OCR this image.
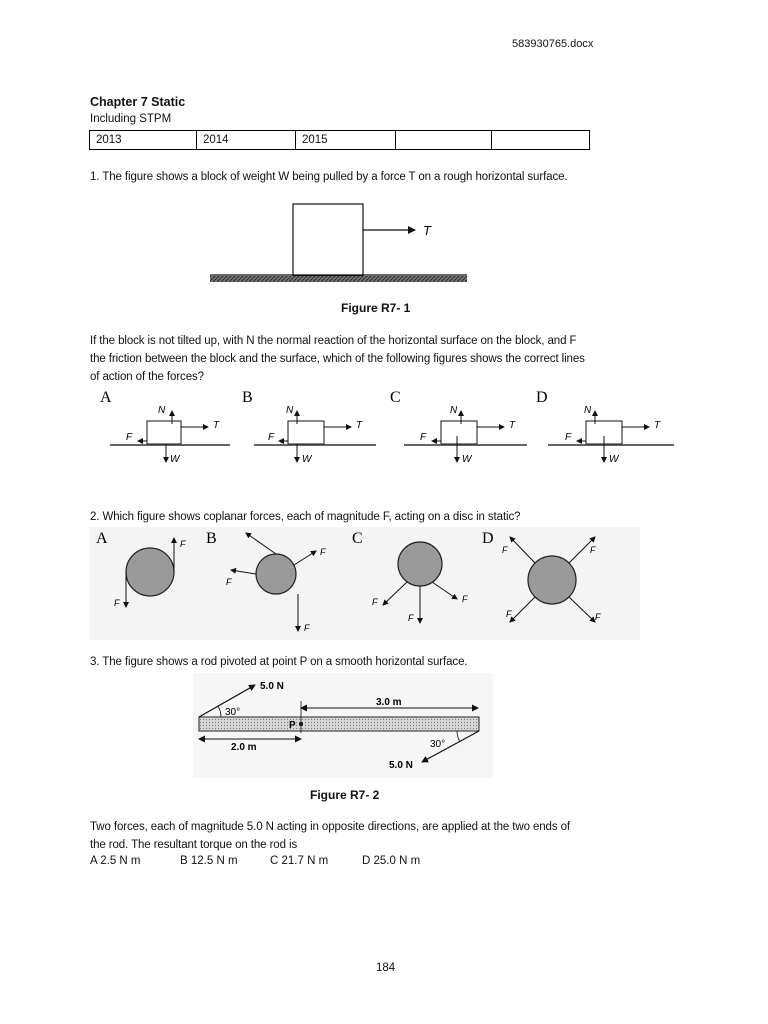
583930765.docx
Chapter 7 Static
Including STPM
2013	2014	2015		
1. The figure shows a block of weight W being pulled by a force T on a rough horizontal surface.
T
Figure R7- 1
If the block is not tilted up, with N the normal reaction of the horizontal surface on the block, and F
the friction between the block and the surface, which of the following figures shows the correct lines
of action of the forces?
A
N
T
F
W
B
N
T
F
W
C
N
T
F
W
D
N
T
F
W
2. Which figure shows coplanar forces, each of magnitude F, acting on a disc in static?
A	F
F
B
F
F
F
C
F	F
F
D
F	F
F	F
3. The figure shows a rod pivoted at point P on a smooth horizontal surface.
5.0 N
30°
3.0 m
P
2.0 m
5.0 N
30°
Figure R7- 2
Two forces, each of magnitude 5.0 N acting in opposite directions, are applied at the two ends of
the rod. The resultant torque on the rod is
A 2.5 N m	B 12.5 N m	C 21.7 N m	D 25.0 N m
184
